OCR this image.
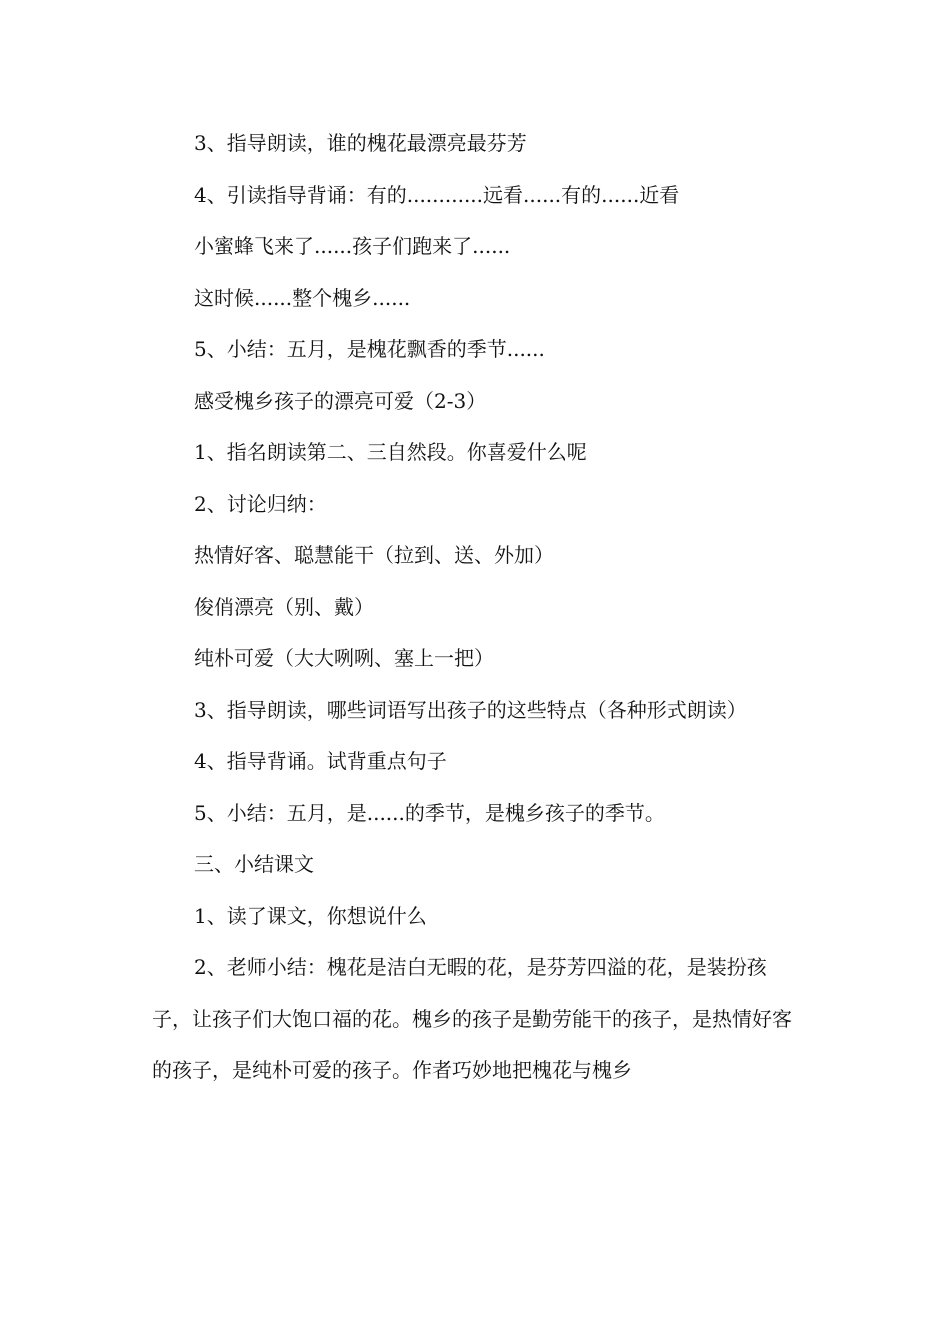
3、指导朗读，谁的槐花最漂亮最芬芳

4、引读指导背诵：有的............远看......有的......近看

小蜜蜂飞来了......孩子们跑来了......

这时候......整个槐乡......

5、小结：五月，是槐花飘香的季节......

感受槐乡孩子的漂亮可爱（2-3）

1、指名朗读第二、三自然段。你喜爱什么呢

2、讨论归纳：

热情好客、聪慧能干（拉到、送、外加）

俊俏漂亮（别、戴）

纯朴可爱（大大咧咧、塞上一把）

3、指导朗读，哪些词语写出孩子的这些特点（各种形式朗读）

4、指导背诵。试背重点句子

5、小结：五月，是......的季节，是槐乡孩子的季节。

三、小结课文

1、读了课文，你想说什么

2、老师小结：槐花是洁白无暇的花，是芬芳四溢的花，是装扮孩子，让孩子们大饱口福的花。槐乡的孩子是勤劳能干的孩子，是热情好客的孩子，是纯朴可爱的孩子。作者巧妙地把槐花与槐乡
